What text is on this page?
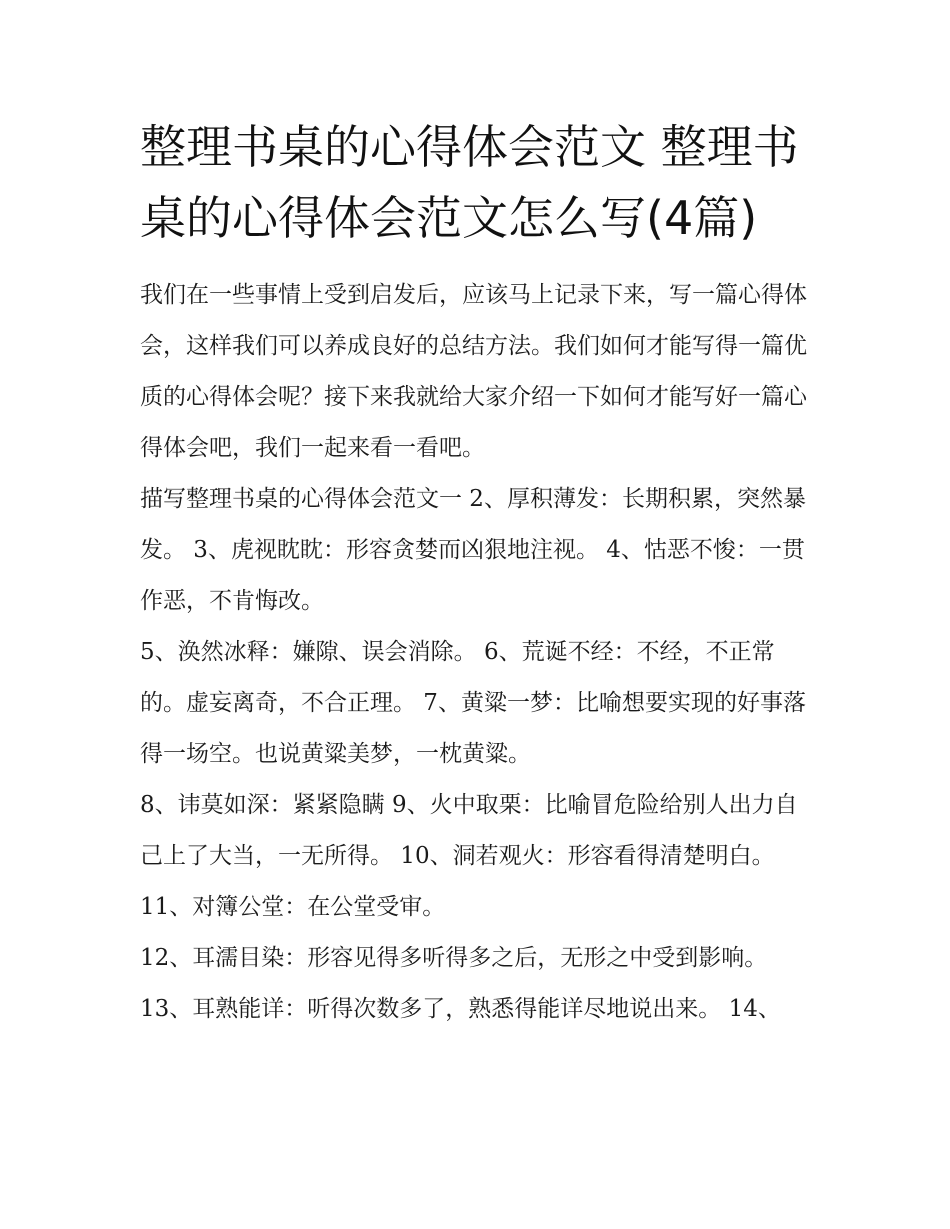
整理书桌的心得体会范文 整理书桌的心得体会范文怎么写(4篇)

我们在一些事情上受到启发后，应该马上记录下来，写一篇心得体会，这样我们可以养成良好的总结方法。我们如何才能写得一篇优质的心得体会呢？接下来我就给大家介绍一下如何才能写好一篇心得体会吧，我们一起来看一看吧。

描写整理书桌的心得体会范文一 2、厚积薄发：长期积累，突然暴发。 3、虎视眈眈：形容贪婪而凶狠地注视。 4、怙恶不悛：一贯作恶，不肯悔改。

5、涣然冰释：嫌隙、误会消除。 6、荒诞不经：不经，不正常的。虚妄离奇，不合正理。 7、黄粱一梦：比喻想要实现的好事落得一场空。也说黄粱美梦，一枕黄粱。

8、讳莫如深：紧紧隐瞒 9、火中取栗：比喻冒危险给别人出力自己上了大当，一无所得。 10、洞若观火：形容看得清楚明白。 11、对簿公堂：在公堂受审。

12、耳濡目染：形容见得多听得多之后，无形之中受到影响。

13、耳熟能详：听得次数多了，熟悉得能详尽地说出来。 14、
